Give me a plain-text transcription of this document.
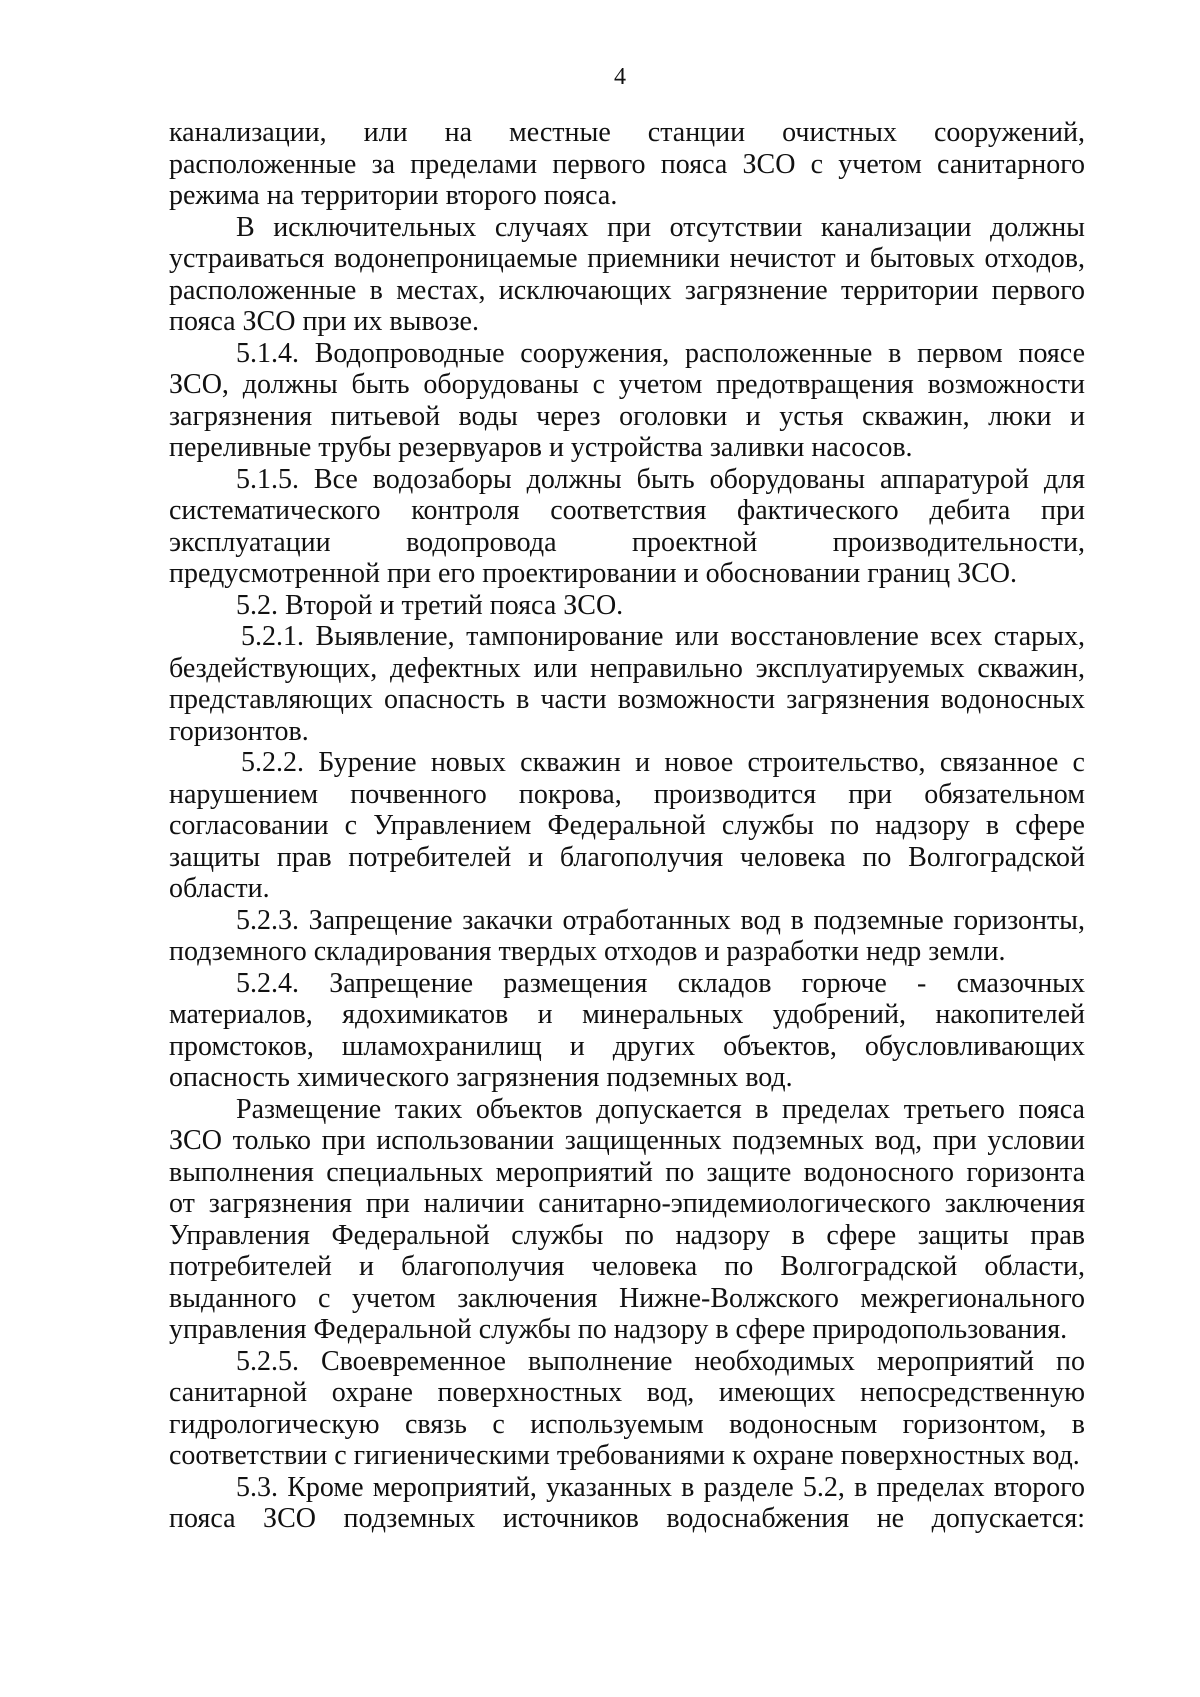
4

канализации, или на местные станции очистных сооружений, расположенные за пределами первого пояса ЗСО с учетом санитарного режима на территории второго пояса.

В исключительных случаях при отсутствии канализации должны устраиваться водонепроницаемые приемники нечистот и бытовых отходов, расположенные в местах, исключающих загрязнение территории первого пояса ЗСО при их вывозе.

5.1.4. Водопроводные сооружения, расположенные в первом поясе ЗСО, должны быть оборудованы с учетом предотвращения возможности загрязнения питьевой воды через оголовки и устья скважин, люки и переливные трубы резервуаров и устройства заливки насосов.

5.1.5. Все водозаборы должны быть оборудованы аппаратурой для систематического контроля соответствия фактического дебита при эксплуатации водопровода проектной производительности, предусмотренной при его проектировании и обосновании границ ЗСО.

5.2. Второй и третий пояса ЗСО.

5.2.1. Выявление, тампонирование или восстановление всех старых, бездействующих, дефектных или неправильно эксплуатируемых скважин, представляющих опасность в части возможности загрязнения водоносных горизонтов.

5.2.2. Бурение новых скважин и новое строительство, связанное с нарушением почвенного покрова, производится при обязательном согласовании с Управлением Федеральной службы по надзору в сфере защиты прав потребителей и благополучия человека по Волгоградской области.

5.2.3. Запрещение закачки отработанных вод в подземные горизонты, подземного складирования твердых отходов и разработки недр земли.

5.2.4. Запрещение размещения складов горюче - смазочных материалов, ядохимикатов и минеральных удобрений, накопителей промстоков, шламохранилищ и других объектов, обусловливающих опасность химического загрязнения подземных вод.

Размещение таких объектов допускается в пределах третьего пояса ЗСО только при использовании защищенных подземных вод, при условии выполнения специальных мероприятий по защите водоносного горизонта от загрязнения при наличии санитарно-эпидемиологического заключения Управления Федеральной службы по надзору в сфере защиты прав потребителей и благополучия человека по Волгоградской области, выданного с учетом заключения Нижне-Волжского межрегионального управления Федеральной службы по надзору в сфере природопользования.

5.2.5. Своевременное выполнение необходимых мероприятий по санитарной охране поверхностных вод, имеющих непосредственную гидрологическую связь с используемым водоносным горизонтом, в соответствии с гигиеническими требованиями к охране поверхностных вод.

5.3. Кроме мероприятий, указанных в разделе 5.2, в пределах второго пояса ЗСО подземных источников водоснабжения не допускается:
